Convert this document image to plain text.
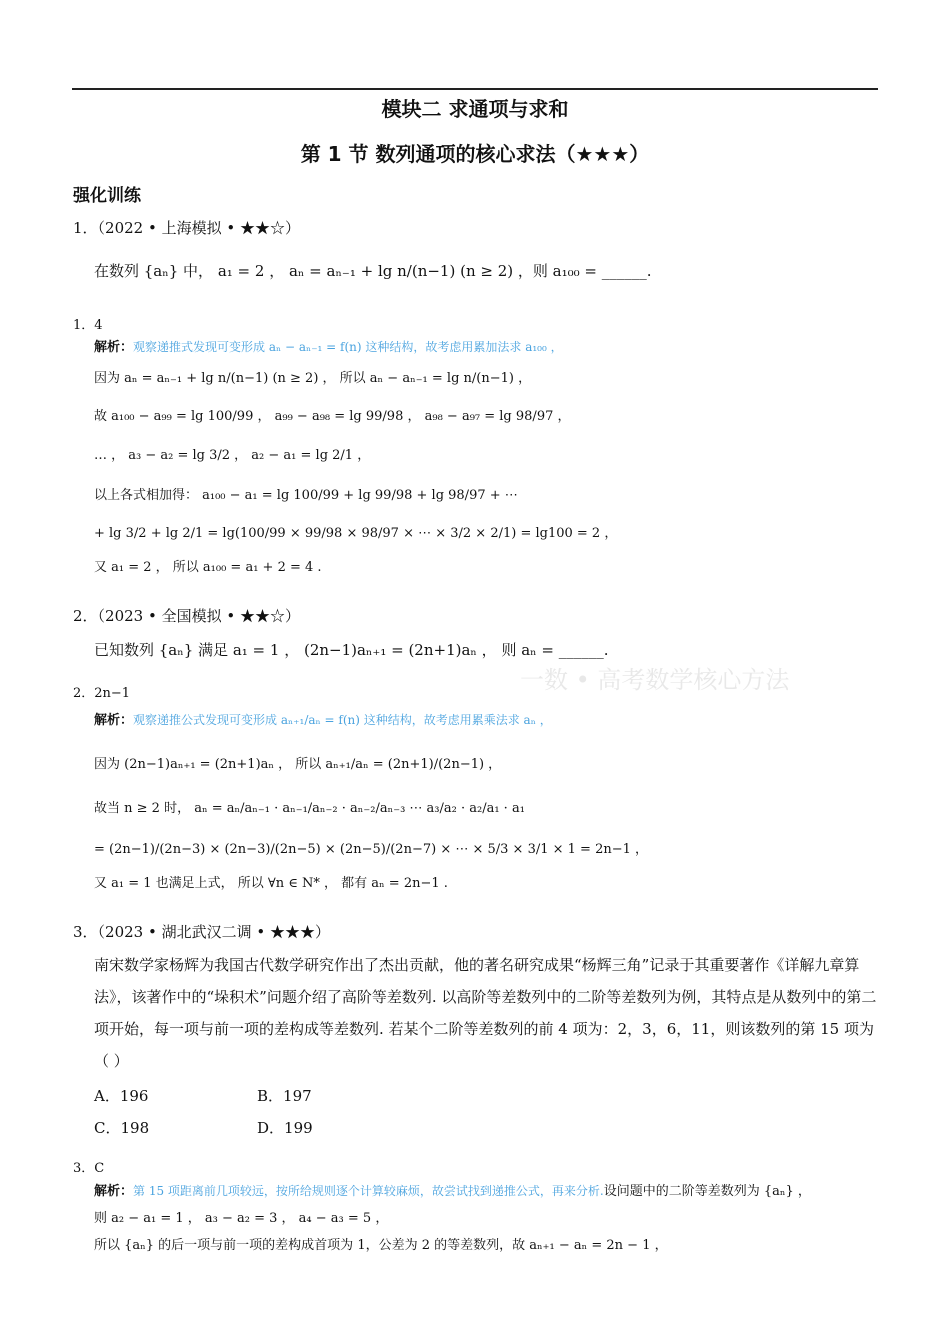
模块二 求通项与求和
第 1 节 数列通项的核心求法（★★★）
强化训练
一数 • 高考数学核心方法
1．（2022 • 上海模拟 • ★★☆）
在数列 {aₙ} 中， a₁ = 2 ， aₙ = aₙ₋₁ + lg n/(n−1) (n ≥ 2) ，则 a₁₀₀ = ______.
1．4
解析：观察递推式发现可变形成 aₙ − aₙ₋₁ = f(n) 这种结构，故考虑用累加法求 a₁₀₀ ，
因为 aₙ = aₙ₋₁ + lg n/(n−1) (n ≥ 2) ， 所以 aₙ − aₙ₋₁ = lg n/(n−1) ，
故 a₁₀₀ − a₉₉ = lg 100/99 ， a₉₉ − a₉₈ = lg 99/98 ， a₉₈ − a₉₇ = lg 98/97 ，
… ， a₃ − a₂ = lg 3/2 ， a₂ − a₁ = lg 2/1 ，
以上各式相加得： a₁₀₀ − a₁ = lg 100/99 + lg 99/98 + lg 98/97 + ⋯
+ lg 3/2 + lg 2/1 = lg(100/99 × 99/98 × 98/97 × ⋯ × 3/2 × 2/1) = lg100 = 2 ，
又 a₁ = 2 ， 所以 a₁₀₀ = a₁ + 2 = 4 .
2．（2023 • 全国模拟 • ★★☆）
已知数列 {aₙ} 满足 a₁ = 1 ， (2n−1)aₙ₊₁ = (2n+1)aₙ ， 则 aₙ = ______.
2．2n−1
解析：观察递推公式发现可变形成 aₙ₊₁/aₙ = f(n) 这种结构，故考虑用累乘法求 aₙ ，
因为 (2n−1)aₙ₊₁ = (2n+1)aₙ ， 所以 aₙ₊₁/aₙ = (2n+1)/(2n−1) ，
故当 n ≥ 2 时， aₙ = aₙ/aₙ₋₁ · aₙ₋₁/aₙ₋₂ · aₙ₋₂/aₙ₋₃ ⋯ a₃/a₂ · a₂/a₁ · a₁
= (2n−1)/(2n−3) × (2n−3)/(2n−5) × (2n−5)/(2n−7) × ⋯ × 5/3 × 3/1 × 1 = 2n−1 ，
又 a₁ = 1 也满足上式， 所以 ∀n ∈ N* ， 都有 aₙ = 2n−1 .
3．（2023 • 湖北武汉二调 • ★★★）
南宋数学家杨辉为我国古代数学研究作出了杰出贡献，他的著名研究成果“杨辉三角”记录于其重要著作《详解九章算法》，该著作中的“垛积术”问题介绍了高阶等差数列. 以高阶等差数列中的二阶等差数列为例，其特点是从数列中的第二项开始，每一项与前一项的差构成等差数列. 若某个二阶等差数列的前 4 项为：2，3，6，11，则该数列的第 15 项为（ ）
A．196	B．197
C．198	D．199
3．C
解析：第 15 项距离前几项较远，按所给规则逐个计算较麻烦，故尝试找到递推公式，再来分析.设问题中的二阶等差数列为 {aₙ} ，
则 a₂ − a₁ = 1 ， a₃ − a₂ = 3 ， a₄ − a₃ = 5 ，
所以 {aₙ} 的后一项与前一项的差构成首项为 1，公差为 2 的等差数列，故 aₙ₊₁ − aₙ = 2n − 1 ，
